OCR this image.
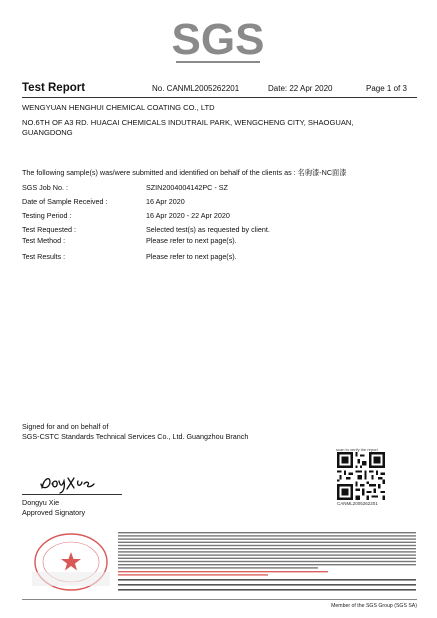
SGS
Test Report	No. CANML2005262201	Date: 22 Apr 2020	Page 1 of 3
WENGYUAN HENGHUI CHEMICAL COATING CO., LTD
NO.6TH OF A3 RD. HUACAI CHEMICALS INDUTRAIL PARK, WENGCHENG CITY, SHAOGUAN, GUANGDONG
The following sample(s) was/were submitted and identified on behalf of the clients as : 名驹漆-NC面漆
SGS Job No. :	SZIN2004004142PC - SZ
Date of Sample Received :	16 Apr 2020
Testing Period :	16 Apr 2020 - 22 Apr 2020
Test Requested :	Selected test(s) as requested by client.
Test Method :	Please refer to next page(s).
Test Results :	Please refer to next page(s).
Signed for and on behalf of
SGS-CSTC Standards Technical Services Co., Ltd. Guangzhou Branch
scan to verify the report
CANML2005262201
Dongyu Xie
Approved Signatory
Member of the SGS Group (SGS SA)
